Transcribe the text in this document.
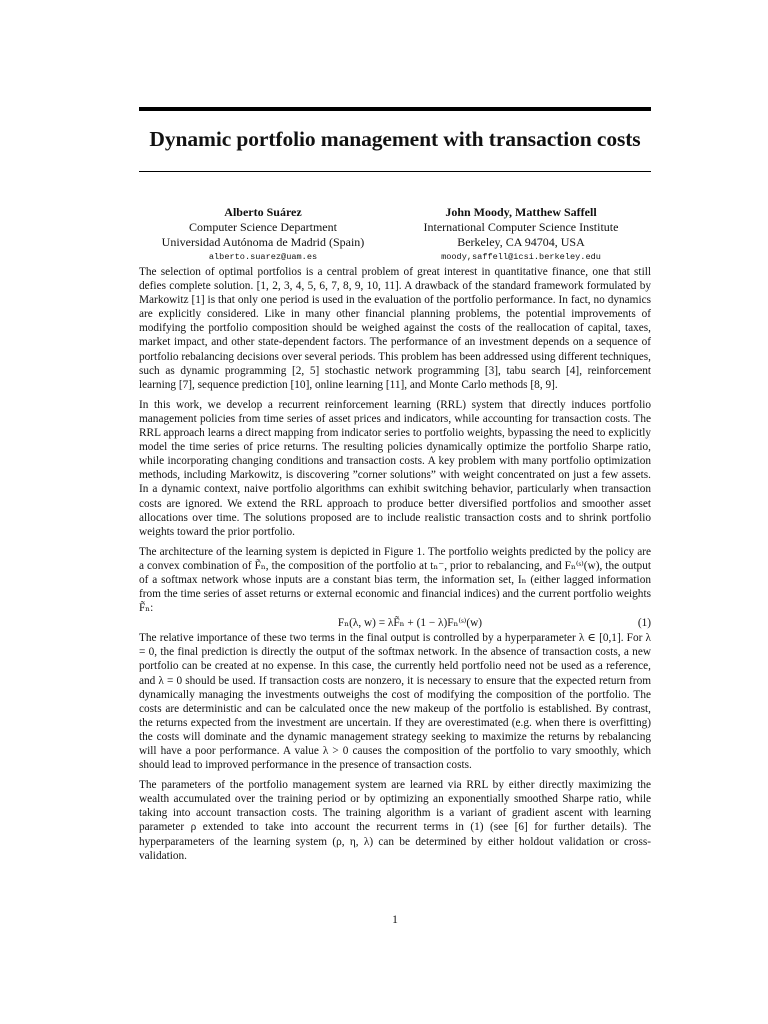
Dynamic portfolio management with transaction costs
Alberto Suárez
Computer Science Department
Universidad Autónoma de Madrid (Spain)
alberto.suarez@uam.es
John Moody, Matthew Saffell
International Computer Science Institute
Berkeley, CA 94704, USA
moody,saffell@icsi.berkeley.edu

The selection of optimal portfolios is a central problem of great interest in quantitative finance, one that still defies complete solution. [1, 2, 3, 4, 5, 6, 7, 8, 9, 10, 11]. A drawback of the standard framework formulated by Markowitz [1] is that only one period is used in the evaluation of the portfolio performance. In fact, no dynamics are explicitly considered. Like in many other financial planning problems, the potential improvements of modifying the portfolio composition should be weighed against the costs of the reallocation of capital, taxes, market impact, and other state-dependent factors. The performance of an investment depends on a sequence of portfolio rebalancing decisions over several periods. This problem has been addressed using different techniques, such as dynamic programming [2, 5] stochastic network programming [3], tabu search [4], reinforcement learning [7], sequence prediction [10], online learning [11], and Monte Carlo methods [8, 9].

In this work, we develop a recurrent reinforcement learning (RRL) system that directly induces portfolio management policies from time series of asset prices and indicators, while accounting for transaction costs. The RRL approach learns a direct mapping from indicator series to portfolio weights, bypassing the need to explicitly model the time series of price returns. The resulting policies dynamically optimize the portfolio Sharpe ratio, while incorporating changing conditions and transaction costs. A key problem with many portfolio optimization methods, including Markowitz, is discovering ”corner solutions” with weight concentrated on just a few assets. In a dynamic context, naive portfolio algorithms can exhibit switching behavior, particularly when transaction costs are ignored. We extend the RRL approach to produce better diversified portfolios and smoother asset allocations over time. The solutions proposed are to include realistic transaction costs and to shrink portfolio weights toward the prior portfolio.

The architecture of the learning system is depicted in Figure 1. The portfolio weights predicted by the policy are a convex combination of F̃ₙ, the composition of the portfolio at tₙ⁻, prior to rebalancing, and Fₙ⁽ˢ⁾(w), the output of a softmax network whose inputs are a constant bias term, the information set, Iₙ (either lagged information from the time series of asset returns or external economic and financial indices) and the current portfolio weights F̃ₙ:

Fₙ(λ, w) = λF̃ₙ + (1 − λ)Fₙ⁽ˢ⁾(w)	(1)

The relative importance of these two terms in the final output is controlled by a hyperparameter λ ∈ [0,1]. For λ = 0, the final prediction is directly the output of the softmax network. In the absence of transaction costs, a new portfolio can be created at no expense. In this case, the currently held portfolio need not be used as a reference, and λ = 0 should be used. If transaction costs are nonzero, it is necessary to ensure that the expected return from dynamically managing the investments outweighs the cost of modifying the composition of the portfolio. The costs are deterministic and can be calculated once the new makeup of the portfolio is established. By contrast, the returns expected from the investment are uncertain. If they are overestimated (e.g. when there is overfitting) the costs will dominate and the dynamic management strategy seeking to maximize the returns by rebalancing will have a poor performance. A value λ > 0 causes the composition of the portfolio to vary smoothly, which should lead to improved performance in the presence of transaction costs.

The parameters of the portfolio management system are learned via RRL by either directly maximizing the wealth accumulated over the training period or by optimizing an exponentially smoothed Sharpe ratio, while taking into account transaction costs. The training algorithm is a variant of gradient ascent with learning parameter ρ extended to take into account the recurrent terms in (1) (see [6] for further details). The hyperparameters of the learning system (ρ, η, λ) can be determined by either holdout validation or cross-validation.

1
